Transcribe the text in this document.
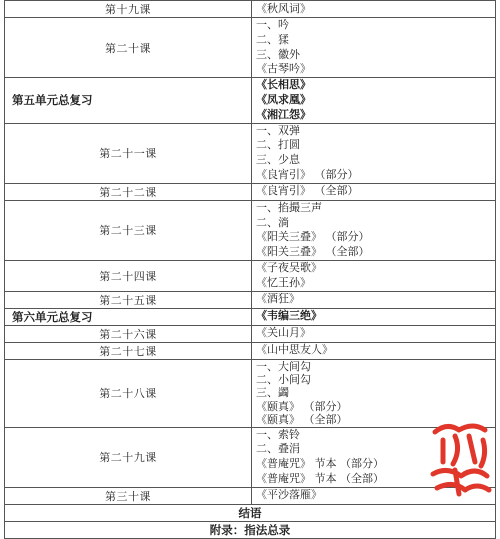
第十九课	《秋风词》

第二十课	一、吟
二、猱
三、徽外
《古琴吟》

第五单元总复习	《长相思》
《凤求凰》
《湘江怨》

第二十一课	一、双弹
二、打圆
三、少息
《良宵引》 （部分）

第二十二课	《良宵引》 （全部）

第二十三课	一、掐撮三声
二、淌
《阳关三叠》 （部分）
《阳关三叠》 （全部）

第二十四课	《子夜吴歌》
《忆王孙》

第二十五课	《酒狂》

第六单元总复习	《韦编三绝》

第二十六课	《关山月》

第二十七课	《山中思友人》

第二十八课	一、大间勾
二、小间勾
三、蠲
《颐真》 （部分）
《颐真》 （全部）

第二十九课	一、索铃
二、叠涓
《普庵咒》 节本 （部分）
《普庵咒》 节本 （全部）

第三十课	《平沙落雁》

结语	
附录：指法总录	
